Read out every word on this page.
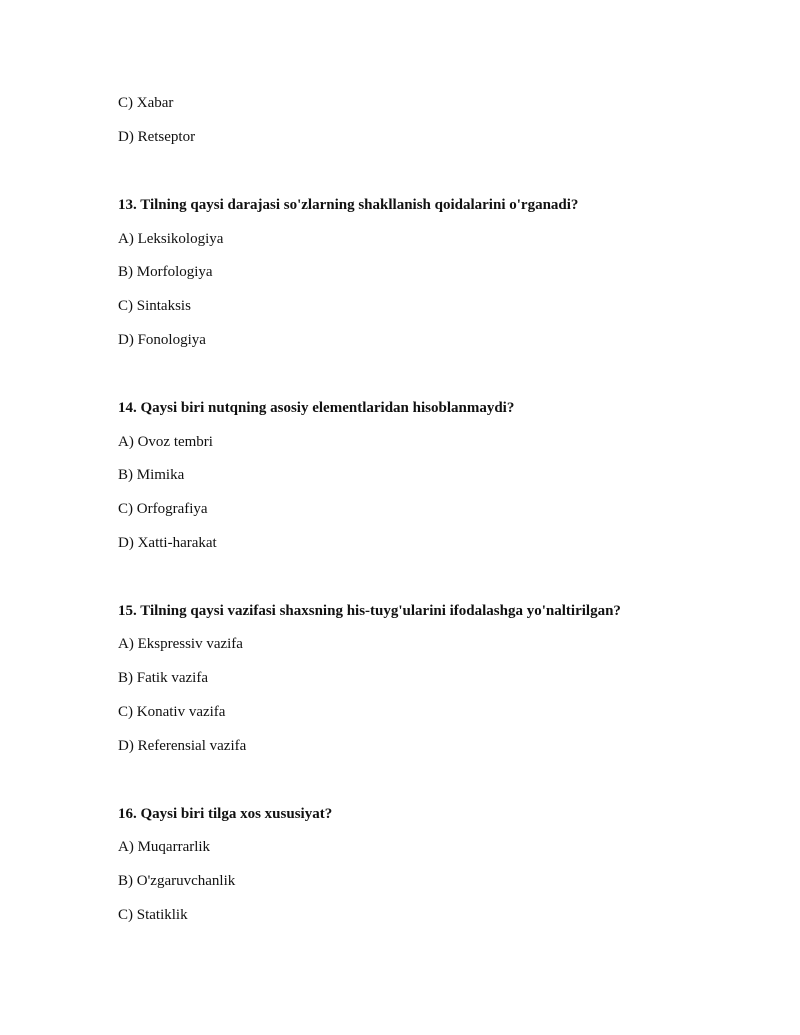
C) Xabar
D) Retseptor
13. Tilning qaysi darajasi so'zlarning shakllanish qoidalarini o'rganadi?
A) Leksikologiya
B) Morfologiya
C) Sintaksis
D) Fonologiya
14. Qaysi biri nutqning asosiy elementlaridan hisoblanmaydi?
A) Ovoz tembri
B) Mimika
C) Orfografiya
D) Xatti-harakat
15. Tilning qaysi vazifasi shaxsning his-tuyg'ularini ifodalashga yo'naltirilgan?
A) Ekspressiv vazifa
B) Fatik vazifa
C) Konativ vazifa
D) Referensial vazifa
16. Qaysi biri tilga xos xususiyat?
A) Muqarrarlik
B) O'zgaruvchanlik
C) Statiklik
